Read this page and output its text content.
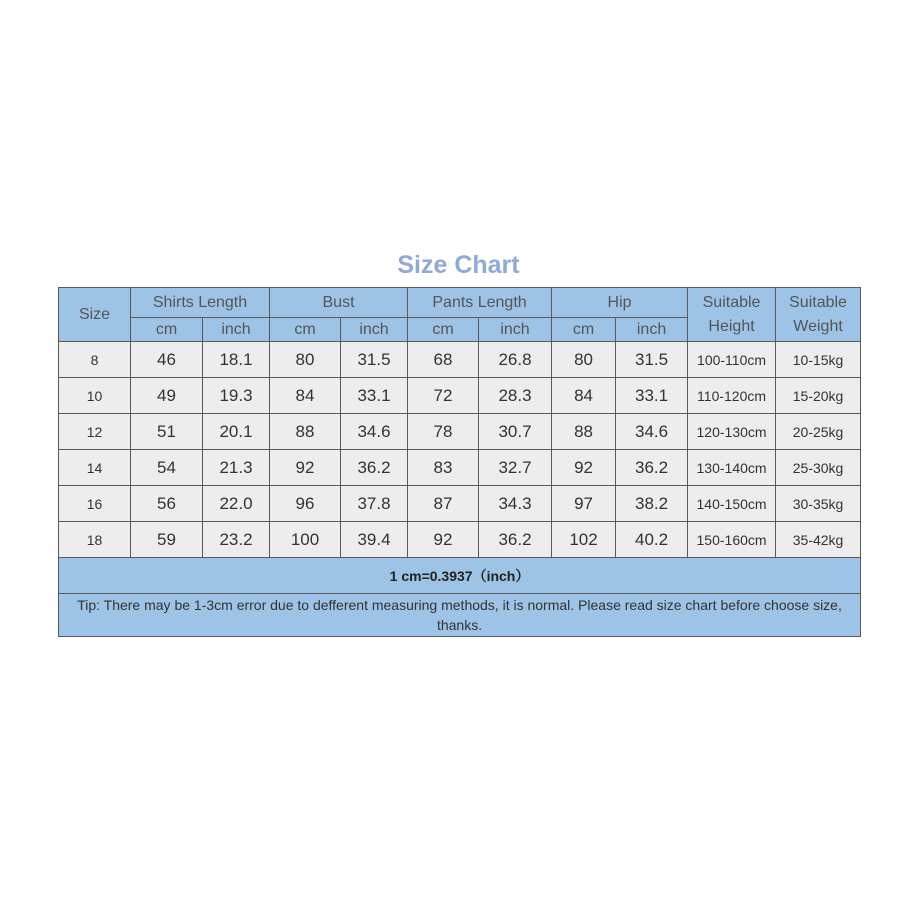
Size Chart
Size	Shirts Length		Bust		Pants Length		Hip		Suitable Height	Suitable Weight
	cm	inch	cm	inch	cm	inch	cm	inch		
8	46	18.1	80	31.5	68	26.8	80	31.5	100-110cm	10-15kg
10	49	19.3	84	33.1	72	28.3	84	33.1	110-120cm	15-20kg
12	51	20.1	88	34.6	78	30.7	88	34.6	120-130cm	20-25kg
14	54	21.3	92	36.2	83	32.7	92	36.2	130-140cm	25-30kg
16	56	22.0	96	37.8	87	34.3	97	38.2	140-150cm	30-35kg
18	59	23.2	100	39.4	92	36.2	102	40.2	150-160cm	35-42kg
1 cm=0.3937（inch）										
Tip: There may be 1-3cm error due to defferent measuring methods, it is normal. Please read size chart before choose size, thanks.										
